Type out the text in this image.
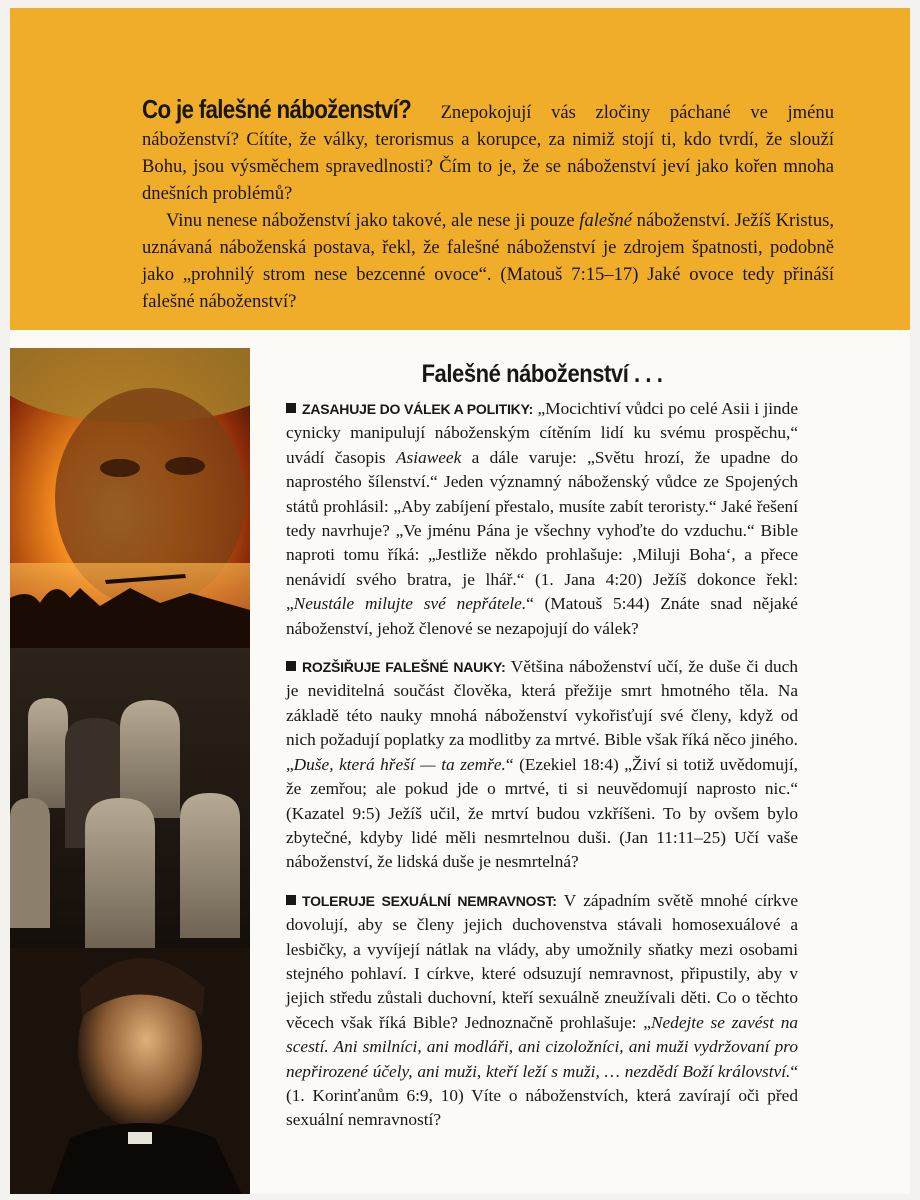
Co je falešné náboženství? Znepokojují vás zločiny páchané ve jménu náboženství? Cítíte, že války, terorismus a korupce, za nimiž stojí ti, kdo tvrdí, že slouží Bohu, jsou výsměchem spravedlnosti? Čím to je, že se náboženství jeví jako kořen mnoha dnešních problémů?

Vinu nenese náboženství jako takové, ale nese ji pouze falešné náboženství. Ježíš Kristus, uznávaná náboženská postava, řekl, že falešné náboženství je zdrojem špatnosti, podobně jako „prohnilý strom nese bezcenné ovoce“. (Matouš 7:15–17) Jaké ovoce tedy přináší falešné náboženství?

Falešné náboženství . . .

ZASAHUJE DO VÁLEK A POLITIKY: „Mocichtiví vůdci po celé Asii i jinde cynicky manipulují náboženským cítěním lidí ku svému prospěchu,“ uvádí časopis Asiaweek a dále varuje: „Světu hrozí, že upadne do naprostého šílenství.“ Jeden významný náboženský vůdce ze Spojených států prohlásil: „Aby zabíjení přestalo, musíte zabít teroristy.“ Jaké řešení tedy navrhuje? „Ve jménu Pána je všechny vyhoďte do vzduchu.“ Bible naproti tomu říká: „Jestliže někdo prohlašuje: ‚Miluji Boha‘, a přece nenávidí svého bratra, je lhář.“ (1. Jana 4:20) Ježíš dokonce řekl: „Neustále milujte své nepřátele.“ (Matouš 5:44) Znáte snad nějaké náboženství, jehož členové se nezapojují do válek?

ROZŠIŘUJE FALEŠNÉ NAUKY: Většina náboženství učí, že duše či duch je neviditelná součást člověka, která přežije smrt hmotného těla. Na základě této nauky mnohá náboženství vykořisťují své členy, když od nich požadují poplatky za modlitby za mrtvé. Bible však říká něco jiného. „Duše, která hřeší — ta zemře.“ (Ezekiel 18:4) „Živí si totiž uvědomují, že zemřou; ale pokud jde o mrtvé, ti si neuvědomují naprosto nic.“ (Kazatel 9:5) Ježíš učil, že mrtví budou vzkříšeni. To by ovšem bylo zbytečné, kdyby lidé měli nesmrtelnou duši. (Jan 11:11–25) Učí vaše náboženství, že lidská duše je nesmrtelná?

TOLERUJE SEXUÁLNÍ NEMRAVNOST: V západním světě mnohé církve dovolují, aby se členy jejich duchovenstva stávali homosexuálové a lesbičky, a vyvíjejí nátlak na vlády, aby umožnily sňatky mezi osobami stejného pohlaví. I církve, které odsuzují nemravnost, připustily, aby v jejich středu zůstali duchovní, kteří sexuálně zneužívali děti. Co o těchto věcech však říká Bible? Jednoznačně prohlašuje: „Nedejte se zavést na scestí. Ani smilníci, ani modláři, ani cizoložníci, ani muži vydržovaní pro nepřirozené účely, ani muži, kteří leží s muži, … nezdědí Boží království.“ (1. Korinťanům 6:9, 10) Víte o náboženstvích, která zavírají oči před sexuální nemravností?
